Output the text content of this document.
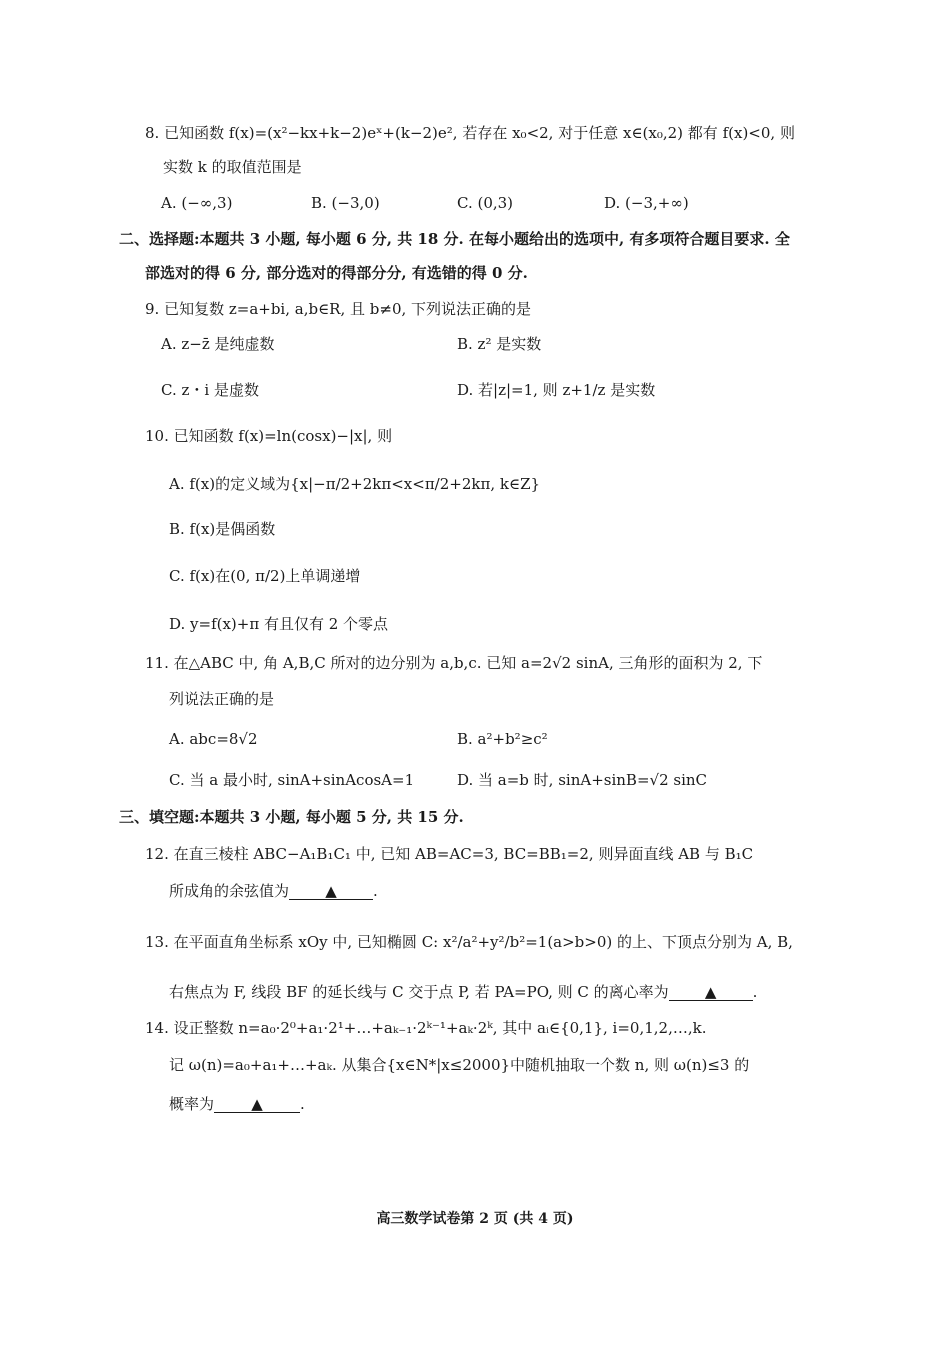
8. 已知函数 f(x)=(x²−kx+k−2)eˣ+(k−2)e², 若存在 x₀<2, 对于任意 x∈(x₀,2) 都有 f(x)<0, 则
实数 k 的取值范围是
A. (−∞,3)	B. (−3,0)	C. (0,3)	D. (−3,+∞)
二、选择题:本题共 3 小题, 每小题 6 分, 共 18 分. 在每小题给出的选项中, 有多项符合题目要求. 全
部选对的得 6 分, 部分选对的得部分分, 有选错的得 0 分.
9. 已知复数 z=a+bi, a,b∈R, 且 b≠0, 下列说法正确的是
A. z−z̄ 是纯虚数	B. z² 是实数
C. z・i 是虚数	D. 若|z|=1, 则 z+1/z 是实数
10. 已知函数 f(x)=ln(cosx)−|x|, 则
A. f(x)的定义域为{x|−π/2+2kπ<x<π/2+2kπ, k∈Z}
B. f(x)是偶函数
C. f(x)在(0, π/2)上单调递增
D. y=f(x)+π 有且仅有 2 个零点
11. 在△ABC 中, 角 A,B,C 所对的边分别为 a,b,c. 已知 a=2√2 sinA, 三角形的面积为 2, 下
列说法正确的是
A. abc=8√2	B. a²+b²≥c²
C. 当 a 最小时, sinA+sinAcosA=1	D. 当 a=b 时, sinA+sinB=√2 sinC
三、填空题:本题共 3 小题, 每小题 5 分, 共 15 分.
12. 在直三棱柱 ABC−A₁B₁C₁ 中, 已知 AB=AC=3, BC=BB₁=2, 则异面直线 AB 与 B₁C
所成角的余弦值为 ▲ .
13. 在平面直角坐标系 xOy 中, 已知椭圆 C: x²/a²+y²/b²=1(a>b>0) 的上、下顶点分别为 A, B,
右焦点为 F, 线段 BF 的延长线与 C 交于点 P, 若 PA=PO, 则 C 的离心率为 ▲ .
14. 设正整数 n=a₀·2⁰+a₁·2¹+…+aₖ₋₁·2ᵏ⁻¹+aₖ·2ᵏ, 其中 aᵢ∈{0,1}, i=0,1,2,…,k.
记 ω(n)=a₀+a₁+…+aₖ. 从集合{x∈N*|x≤2000}中随机抽取一个数 n, 则 ω(n)≤3 的
概率为 ▲ .
高三数学试卷第 2 页 (共 4 页)
